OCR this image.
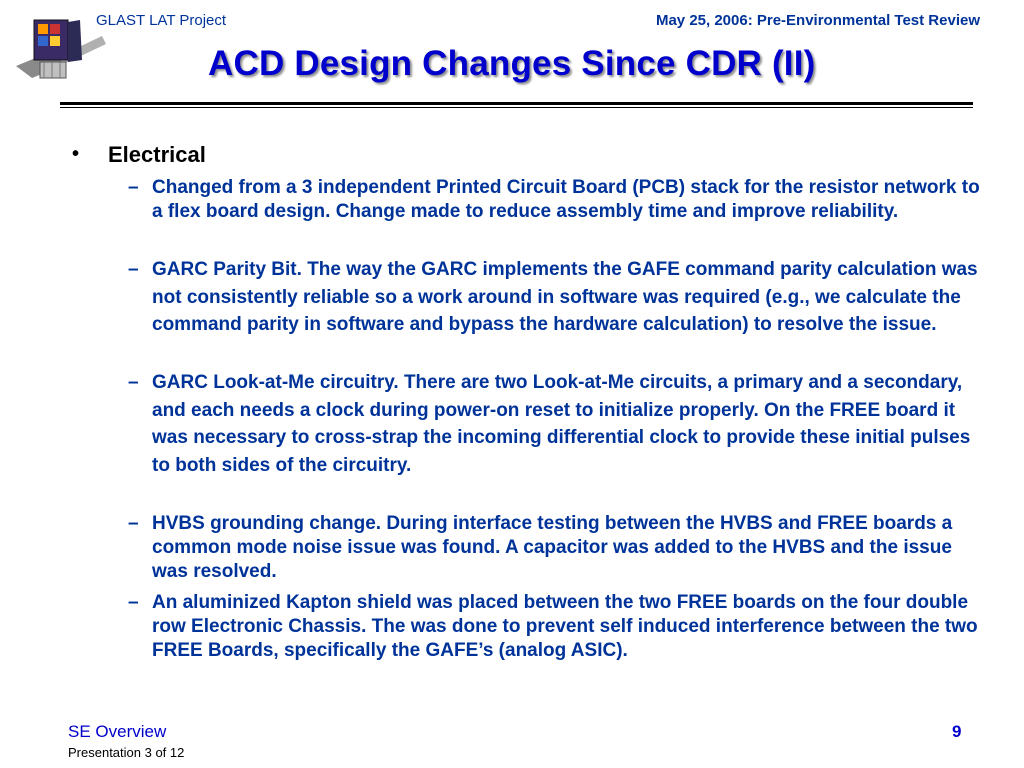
GLAST LAT Project	May 25, 2006: Pre-Environmental Test Review
ACD Design Changes Since CDR (II)
• Electrical
– Changed from a 3 independent Printed Circuit Board (PCB) stack for the resistor network to a flex board design. Change made to reduce assembly time and improve reliability.
– GARC Parity Bit. The way the GARC implements the GAFE command parity calculation was not consistently reliable so a work around in software was required (e.g., we calculate the command parity in software and bypass the hardware calculation) to resolve the issue.
– GARC Look-at-Me circuitry. There are two Look-at-Me circuits, a primary and a secondary, and each needs a clock during power-on reset to initialize properly. On the FREE board it was necessary to cross-strap the incoming differential clock to provide these initial pulses to both sides of the circuitry.
– HVBS grounding change. During interface testing between the HVBS and FREE boards a common mode noise issue was found. A capacitor was added to the HVBS and the issue was resolved.
– An aluminized Kapton shield was placed between the two FREE boards on the four double row Electronic Chassis. The was done to prevent self induced interference between the two FREE Boards, specifically the GAFE’s (analog ASIC).
SE Overview
Presentation 3 of 12
9
